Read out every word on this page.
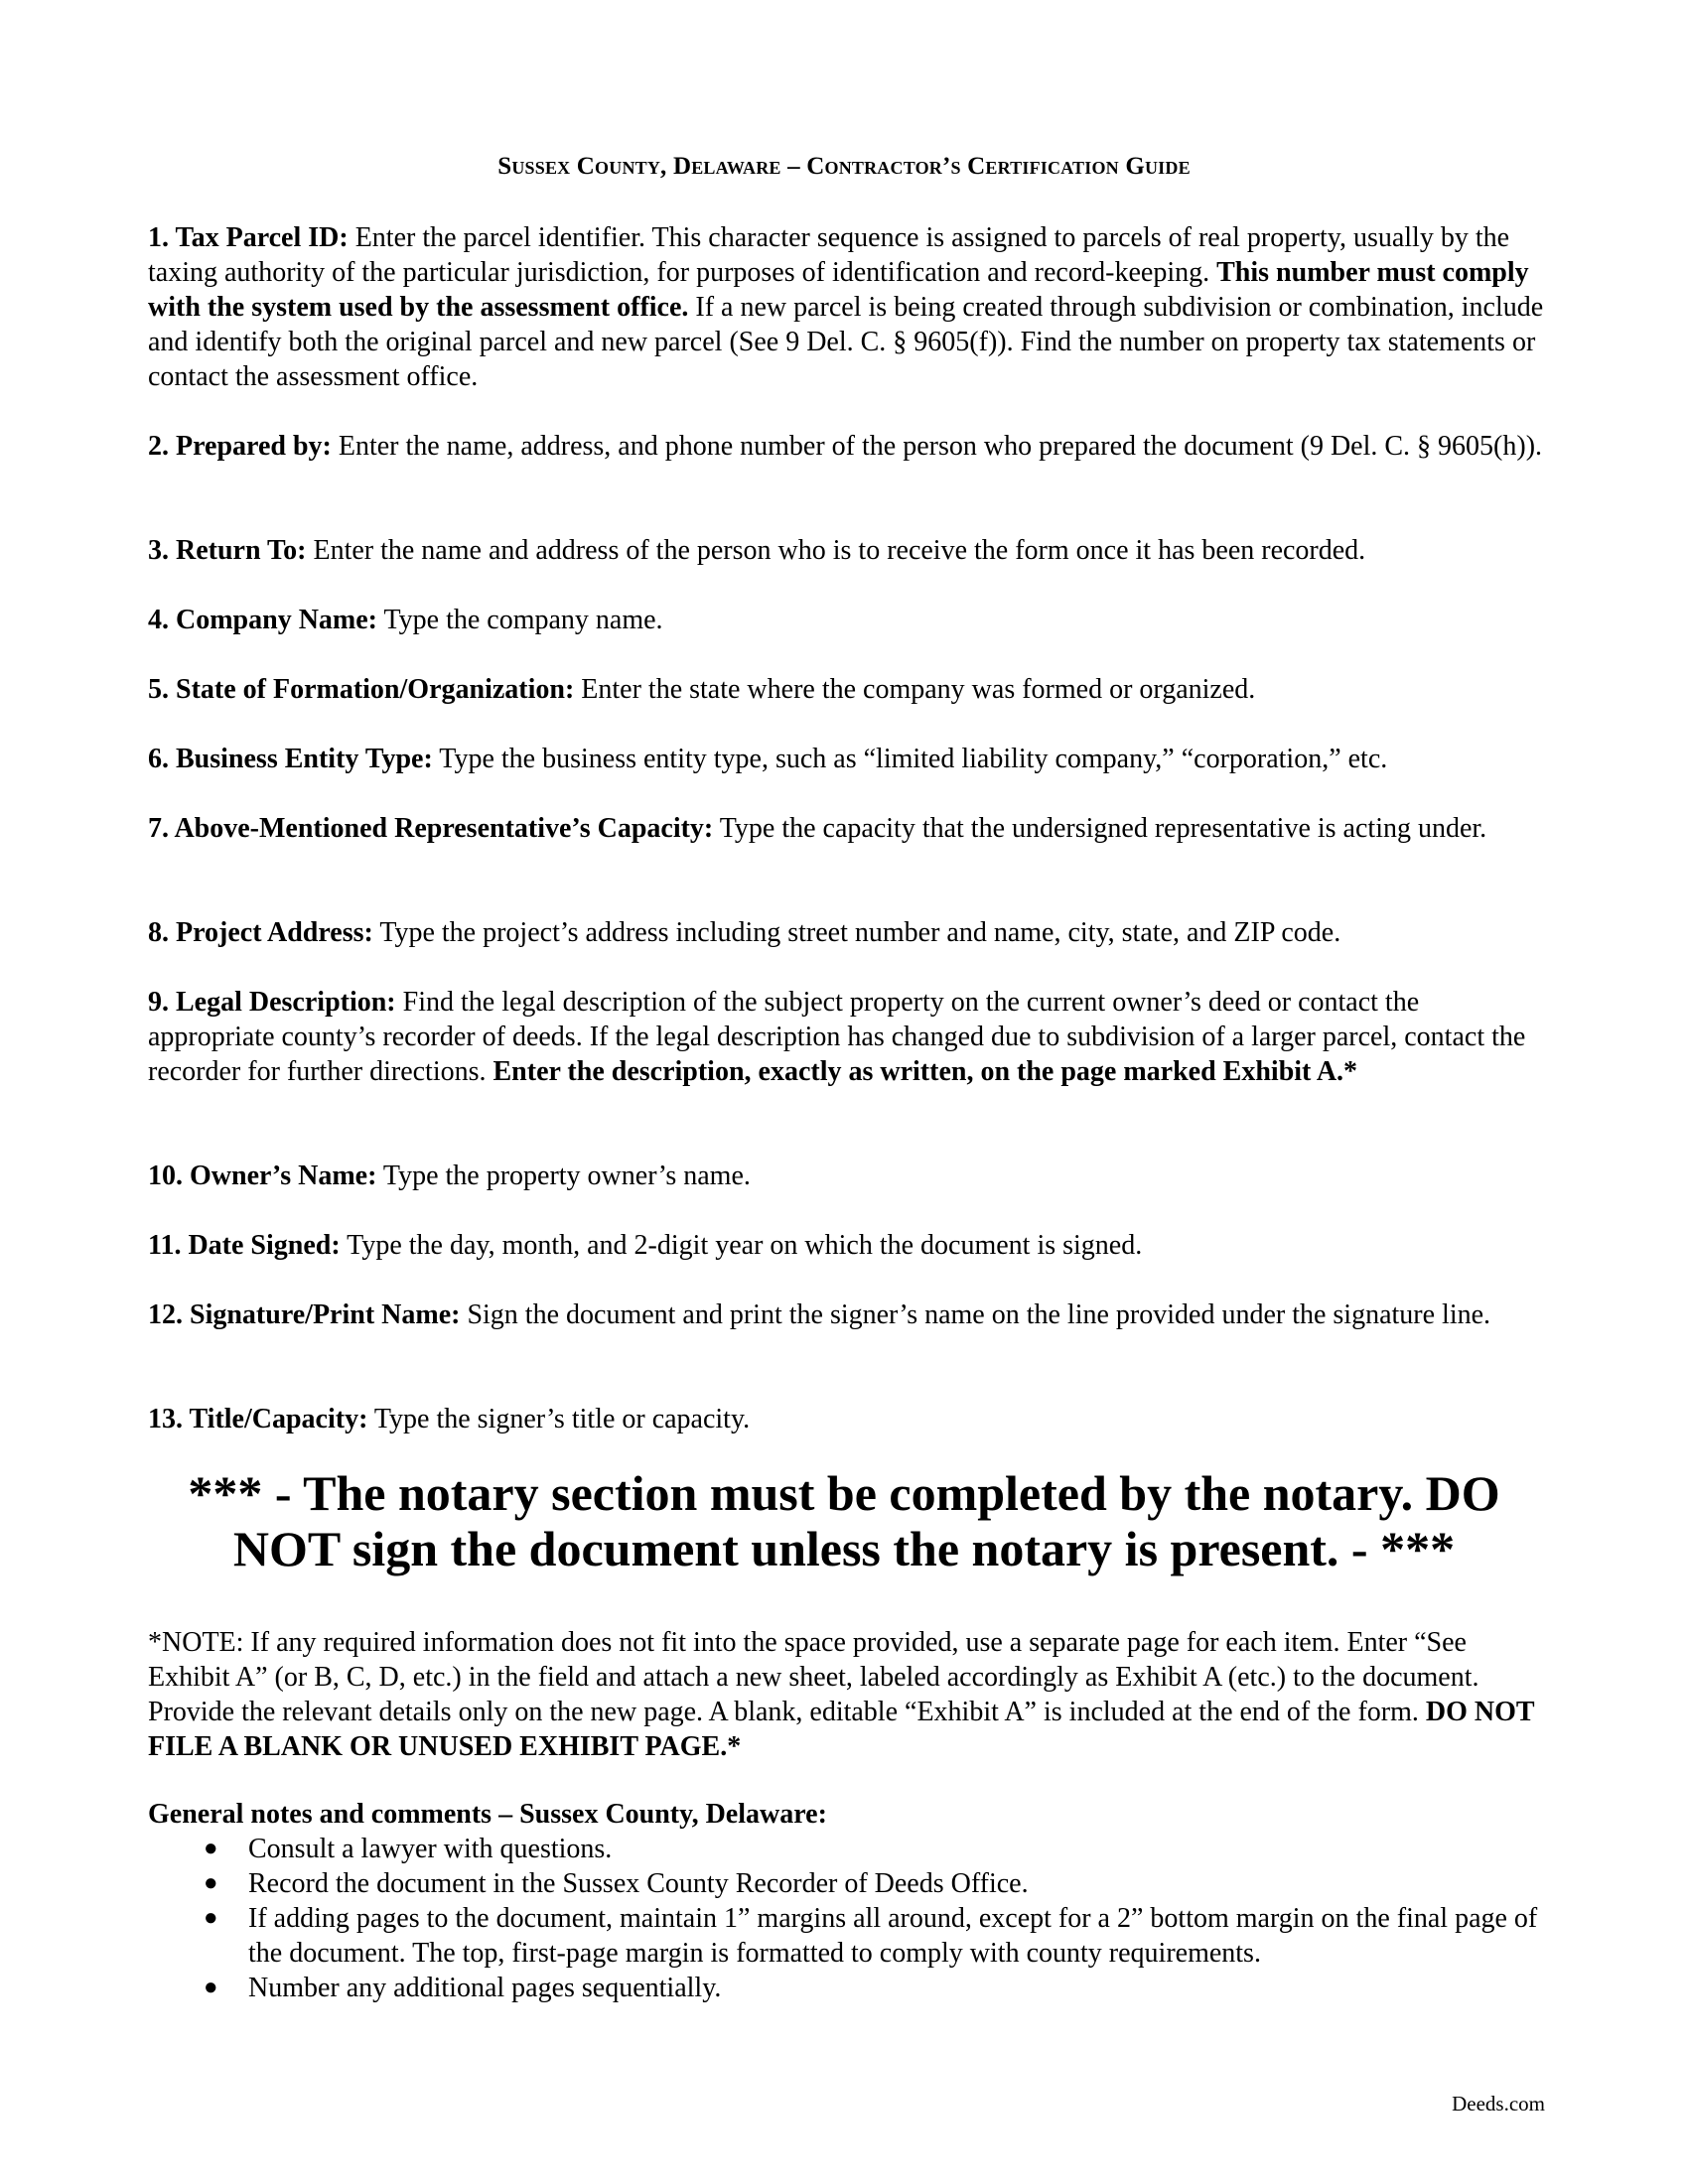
Sussex County, Delaware – Contractor’s Certification Guide
1. Tax Parcel ID: Enter the parcel identifier. This character sequence is assigned to parcels of real property, usually by the taxing authority of the particular jurisdiction, for purposes of identification and record-keeping. This number must comply with the system used by the assessment office. If a new parcel is being created through subdivision or combination, include and identify both the original parcel and new parcel (See 9 Del. C. § 9605(f)). Find the number on property tax statements or contact the assessment office.
2. Prepared by: Enter the name, address, and phone number of the person who prepared the document (9 Del. C. § 9605(h)).
3. Return To: Enter the name and address of the person who is to receive the form once it has been recorded.
4. Company Name: Type the company name.
5. State of Formation/Organization: Enter the state where the company was formed or organized.
6. Business Entity Type: Type the business entity type, such as “limited liability company,” “corporation,” etc.
7. Above-Mentioned Representative’s Capacity: Type the capacity that the undersigned representative is acting under.
8. Project Address: Type the project’s address including street number and name, city, state, and ZIP code.
9. Legal Description: Find the legal description of the subject property on the current owner’s deed or contact the appropriate county’s recorder of deeds. If the legal description has changed due to subdivision of a larger parcel, contact the recorder for further directions. Enter the description, exactly as written, on the page marked Exhibit A.*
10. Owner’s Name: Type the property owner’s name.
11. Date Signed: Type the day, month, and 2-digit year on which the document is signed.
12. Signature/Print Name: Sign the document and print the signer’s name on the line provided under the signature line.
13. Title/Capacity: Type the signer’s title or capacity.
*** - The notary section must be completed by the notary. DO NOT sign the document unless the notary is present. - ***
*NOTE: If any required information does not fit into the space provided, use a separate page for each item. Enter “See Exhibit A” (or B, C, D, etc.) in the field and attach a new sheet, labeled accordingly as Exhibit A (etc.) to the document. Provide the relevant details only on the new page. A blank, editable “Exhibit A” is included at the end of the form. DO NOT FILE A BLANK OR UNUSED EXHIBIT PAGE.*
General notes and comments – Sussex County, Delaware:
● Consult a lawyer with questions.
● Record the document in the Sussex County Recorder of Deeds Office.
● If adding pages to the document, maintain 1” margins all around, except for a 2” bottom margin on the final page of the document. The top, first-page margin is formatted to comply with county requirements.
● Number any additional pages sequentially.
Deeds.com
